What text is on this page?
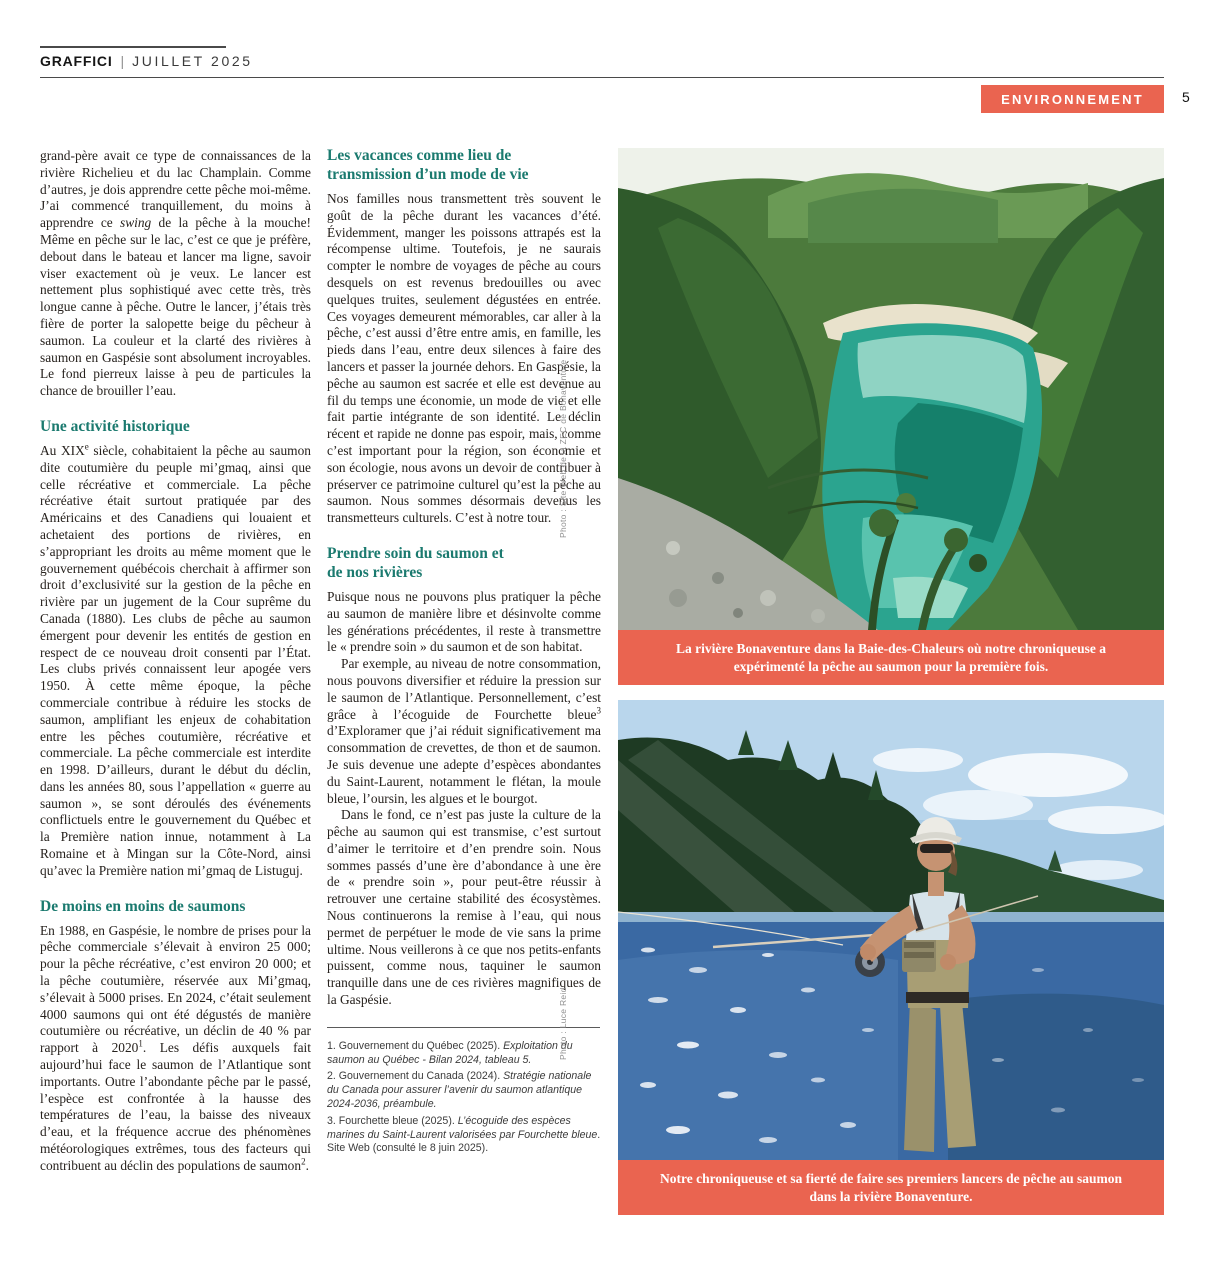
GRAFFICI | JUILLET 2025
ENVIRONNEMENT	5

grand-père avait ce type de connaissances de la rivière Richelieu et du lac Champlain. Comme d’autres, je dois apprendre cette pêche moi-même. J’ai commencé tranquillement, du moins à apprendre ce swing de la pêche à la mouche! Même en pêche sur le lac, c’est ce que je préfère, debout dans le bateau et lancer ma ligne, savoir viser exactement où je veux. Le lancer est nettement plus sophistiqué avec cette très, très longue canne à pêche. Outre le lancer, j’étais très fière de porter la salopette beige du pêcheur à saumon. La couleur et la clarté des rivières à saumon en Gaspésie sont absolument incroyables. Le fond pierreux laisse à peu de particules la chance de brouiller l’eau.

Une activité historique

Au XIXe siècle, cohabitaient la pêche au saumon dite coutumière du peuple mi’gmaq, ainsi que celle récréative et commerciale. La pêche récréative était surtout pratiquée par des Américains et des Canadiens qui louaient et achetaient des portions de rivières, en s’appropriant les droits au même moment que le gouvernement québécois cherchait à affirmer son droit d’exclusivité sur la gestion de la pêche en rivière par un jugement de la Cour suprême du Canada (1880). Les clubs de pêche au saumon émergent pour devenir les entités de gestion en respect de ce nouveau droit consenti par l’État. Les clubs privés connaissent leur apogée vers 1950. À cette même époque, la pêche commerciale contribue à réduire les stocks de saumon, amplifiant les enjeux de cohabitation entre les pêches coutumière, récréative et commerciale. La pêche commerciale est interdite en 1998. D’ailleurs, durant le début du déclin, dans les années 80, sous l’appellation « guerre au saumon », se sont déroulés des événements conflictuels entre le gouvernement du Québec et la Première nation innue, notamment à La Romaine et à Mingan sur la Côte-Nord, ainsi qu’avec la Première nation mi’gmaq de Listuguj.

De moins en moins de saumons

En 1988, en Gaspésie, le nombre de prises pour la pêche commerciale s’élevait à environ 25 000; pour la pêche récréative, c’est environ 20 000; et la pêche coutumière, réservée aux Mi’gmaq, s’élevait à 5000 prises. En 2024, c’était seulement 4000 saumons qui ont été dégustés de manière coutumière ou récréative, un déclin de 40 % par rapport à 2020$^1$. Les défis auxquels fait aujourd’hui face le saumon de l’Atlantique sont importants. Outre l’abondante pêche par le passé, l’espèce est confrontée à la hausse des températures de l’eau, la baisse des niveaux d’eau, et la fréquence accrue des phénomènes météorologiques extrêmes, tous des facteurs qui contribuent au déclin des populations de saumon$^2$.

Les vacances comme lieu de
transmission d’un mode de vie

Nos familles nous transmettent très souvent le goût de la pêche durant les vacances d’été. Évidemment, manger les poissons attrapés est la récompense ultime. Toutefois, je ne saurais compter le nombre de voyages de pêche au cours desquels on est revenus bredouilles ou avec quelques truites, seulement dégustées en entrée. Ces voyages demeurent mémorables, car aller à la pêche, c’est aussi d’être entre amis, en famille, les pieds dans l’eau, entre deux silences à faire des lancers et passer la journée dehors. En Gaspésie, la pêche au saumon est sacrée et elle est devenue au fil du temps une économie, un mode de vie et elle fait partie intégrante de son identité. Le déclin récent et rapide ne donne pas espoir, mais, comme c’est important pour la région, son économie et son écologie, nous avons un devoir de contribuer à préserver ce patrimoine culturel qu’est la pêche au saumon. Nous sommes désormais devenus les transmetteurs culturels. C’est à notre tour.

Prendre soin du saumon et
de nos rivières

Puisque nous ne pouvons plus pratiquer la pêche au saumon de manière libre et désinvolte comme les générations précédentes, il reste à transmettre le « prendre soin » du saumon et de son habitat.

Par exemple, au niveau de notre consommation, nous pouvons diversifier et réduire la pression sur le saumon de l’Atlantique. Personnellement, c’est grâce à l’écoguide de Fourchette bleue$^3$ d’Exploramer que j’ai réduit significativement ma consommation de crevettes, de thon et de saumon. Je suis devenue une adepte d’espèces abondantes du Saint-Laurent, notamment le flétan, la moule bleue, l’oursin, les algues et le bourgot.

Dans le fond, ce n’est pas juste la culture de la pêche au saumon qui est transmise, c’est surtout d’aimer le territoire et d’en prendre soin. Nous sommes passés d’une ère d’abondance à une ère de « prendre soin », pour peut-être réussir à retrouver une certaine stabilité des écosystèmes. Nous continuerons la remise à l’eau, qui nous permet de perpétuer le mode de vie sans la prime ultime. Nous veillerons à ce que nos petits-enfants puissent, comme nous, taquiner le saumon tranquille dans une de ces rivières magnifiques de la Gaspésie.

1. Gouvernement du Québec (2025). Exploitation du saumon au Québec - Bilan 2024, tableau 5.

2. Gouvernement du Canada (2024). Stratégie nationale du Canada pour assurer l’avenir du saumon atlantique 2024-2036, préambule.

3. Fourchette bleue (2025). L’écoguide des espèces marines du Saint-Laurent valorisées par Fourchette bleue. Site Web (consulté le 8 juin 2025).

La rivière Bonaventure dans la Baie-des-Chaleurs où notre chroniqueuse a expérimenté la pêche au saumon pour la première fois.
Notre chroniqueuse et sa fierté de faire ses premiers lancers de pêche au saumon dans la rivière Bonaventure.
Photo : Site Web de la ZEC de Bonaventure
Photo : Luce Reid
